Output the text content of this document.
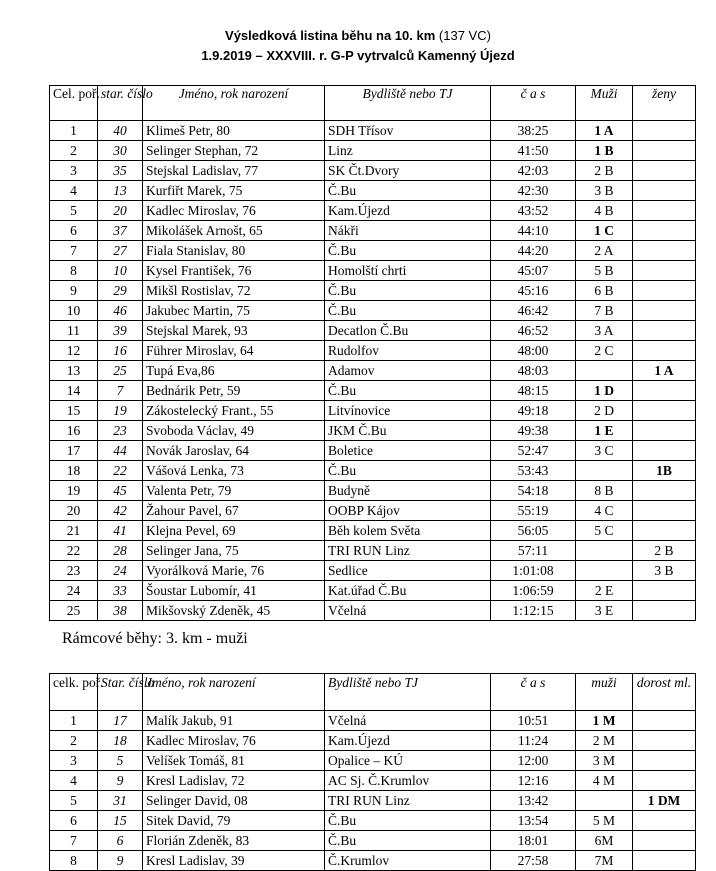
Výsledková listina běhu na 10. km (137 VC)
1.9.2019 – XXXVIII. r. G-P vytrvalců Kamenný Újezd
Cel. poř.	star. číslo	Jméno, rok narození	Bydliště nebo TJ	č a s	Muži	ženy
1	40	Klimeš Petr, 80	SDH Třísov	38:25	1 A	
2	30	Selinger Stephan, 72	Linz	41:50	1 B	
3	35	Stejskal Ladislav, 77	SK Čt.Dvory	42:03	2 B	
4	13	Kurfiřt Marek, 75	Č.Bu	42:30	3 B	
5	20	Kadlec Miroslav, 76	Kam.Újezd	43:52	4 B	
6	37	Mikolášek Arnošt, 65	Nákři	44:10	1 C	
7	27	Fiala Stanislav, 80	Č.Bu	44:20	2 A	
8	10	Kysel František, 76	Homolští chrti	45:07	5 B	
9	29	Mikšl Rostislav, 72	Č.Bu	45:16	6 B	
10	46	Jakubec Martin, 75	Č.Bu	46:42	7 B	
11	39	Stejskal Marek, 93	Decatlon Č.Bu	46:52	3 A	
12	16	Führer Miroslav, 64	Rudolfov	48:00	2 C	
13	25	Tupá Eva,86	Adamov	48:03		1 A
14	7	Bednárik Petr, 59	Č.Bu	48:15	1 D	
15	19	Zákostelecký Frant., 55	Litvínovice	49:18	2 D	
16	23	Svoboda Václav, 49	JKM Č.Bu	49:38	1 E	
17	44	Novák Jaroslav, 64	Boletice	52:47	3 C	
18	22	Vášová Lenka, 73	Č.Bu	53:43		1B
19	45	Valenta Petr, 79	Budyně	54:18	8 B	
20	42	Žahour Pavel, 67	OOBP Kájov	55:19	4 C	
21	41	Klejna Pevel, 69	Běh kolem Světa	56:05	5 C	
22	28	Selinger Jana, 75	TRI RUN Linz	57:11		2 B
23	24	Vyorálková Marie, 76	Sedlice	1:01:08		3 B
24	33	Šoustar Lubomír, 41	Kat.úřad Č.Bu	1:06:59	2 E	
25	38	Mikšovský Zdeněk, 45	Včelná	1:12:15	3 E	
Rámcové běhy: 3. km - muži
celk. poř.	Star. číslo	Jméno, rok narození	Bydliště nebo TJ	č a s	muži	dorost ml.
1	17	Malík Jakub, 91	Včelná	10:51	1 M	
2	18	Kadlec Miroslav, 76	Kam.Újezd	11:24	2 M	
3	5	Velíšek Tomáš, 81	Opalice – KÚ	12:00	3 M	
4	9	Kresl Ladislav, 72	AC Sj. Č.Krumlov	12:16	4 M	
5	31	Selinger David, 08	TRI RUN Linz	13:42		1 DM
6	15	Sitek David, 79	Č.Bu	13:54	5 M	
7	6	Florián Zdeněk, 83	Č.Bu	18:01	6M	
8	9	Kresl Ladislav, 39	Č.Krumlov	27:58	7M	
